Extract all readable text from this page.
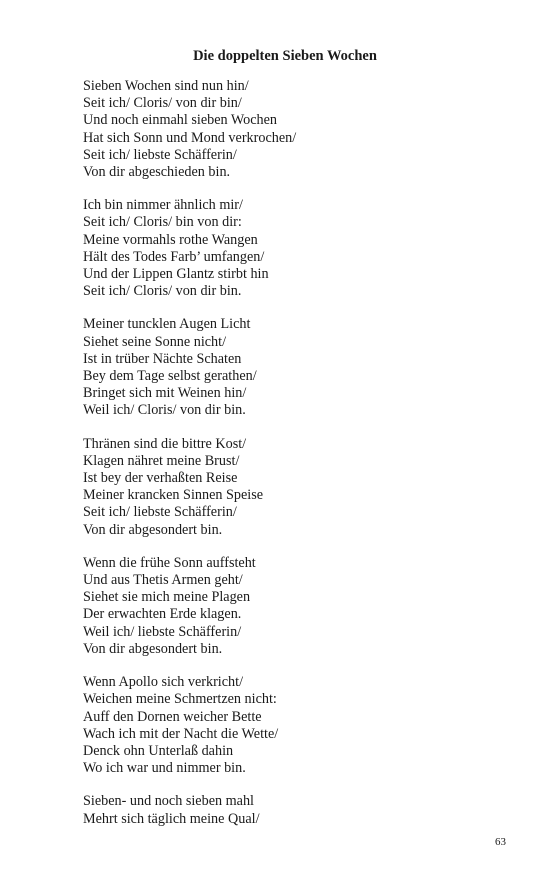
Die doppelten Sieben Wochen
Sieben Wochen sind nun hin/
Seit ich/ Cloris/ von dir bin/
Und noch einmahl sieben Wochen
Hat sich Sonn und Mond verkrochen/
Seit ich/ liebste Schäfferin/
Von dir abgeschieden bin.
Ich bin nimmer ähnlich mir/
Seit ich/ Cloris/ bin von dir:
Meine vormahls rothe Wangen
Hält des Todes Farb’ umfangen/
Und der Lippen Glantz stirbt hin
Seit ich/ Cloris/ von dir bin.
Meiner tuncklen Augen Licht
Siehet seine Sonne nicht/
Ist in trüber Nächte Schaten
Bey dem Tage selbst gerathen/
Bringet sich mit Weinen hin/
Weil ich/ Cloris/ von dir bin.
Thränen sind die bittre Kost/
Klagen nähret meine Brust/
Ist bey der verhaßten Reise
Meiner krancken Sinnen Speise
Seit ich/ liebste Schäfferin/
Von dir abgesondert bin.
Wenn die frühe Sonn auffsteht
Und aus Thetis Armen geht/
Siehet sie mich meine Plagen
Der erwachten Erde klagen.
Weil ich/ liebste Schäfferin/
Von dir abgesondert bin.
Wenn Apollo sich verkricht/
Weichen meine Schmertzen nicht:
Auff den Dornen weicher Bette
Wach ich mit der Nacht die Wette/
Denck ohn Unterlaß dahin
Wo ich war und nimmer bin.
Sieben- und noch sieben mahl
Mehrt sich täglich meine Qual/
63
